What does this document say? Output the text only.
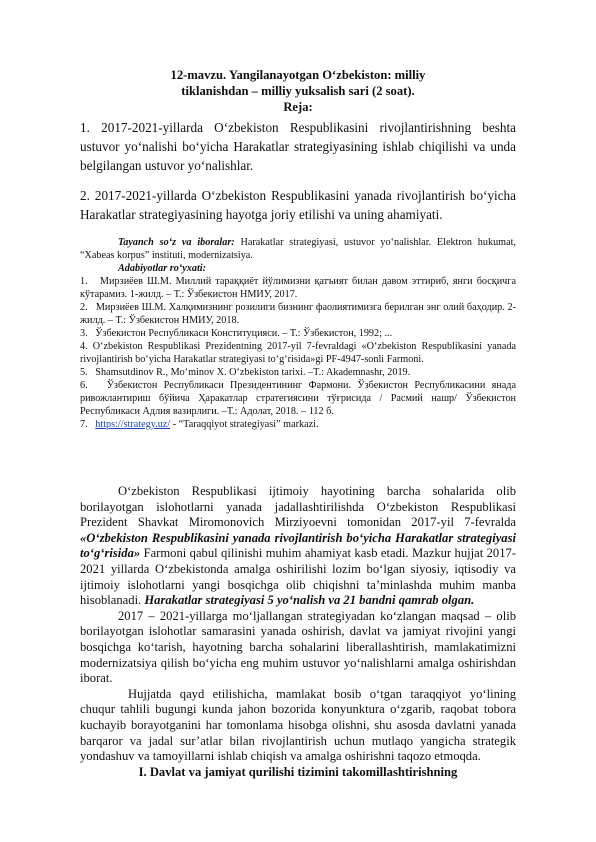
12-mavzu. Yangilanayotgan O‘zbekiston: milliy

tiklanishdan – milliy yuksalish sari (2 soat).

Reja:

1. 2017-2021-yillarda O‘zbekiston Respublikasini rivojlantirishning beshta ustuvor yo‘nalishi bo‘yicha Harakatlar strategiyasining ishlab chiqilishi va unda belgilangan ustuvor yo‘nalishlar.

2. 2017-2021-yillarda O‘zbekiston Respublikasini yanada rivojlantirish bo‘yicha Harakatlar strategiyasining hayotga joriy etilishi va uning ahamiyati.

Tayanch so‘z va iboralar: Harakatlar strategiyasi, ustuvor yo‘nalishlar. Elektron hukumat, “Xabeas korpus” instituti, modernizatsiya.

Adabiyotlar ro‘yxati:

1.   Мирзиёев Ш.М. Миллий тараққиёт йўлимизни қатъият билан давом эттириб, янги босқичга кўтарамиз. 1-жилд. – Т.: Ўзбекистон НМИУ, 2017.

2.   Мирзиёев Ш.М. Халқимизнинг розилиги бизнинг фаолиятимизга берилган энг олий баҳодир. 2-жилд. – Т.: Ўзбекистон НМИУ, 2018.

3.   Ўзбекистон Республикаси Конституцияси. – Т.: Ўзбекистон, 1992; ...

4. O‘zbekiston Respublikasi Prezidentning 2017-yil 7-fevraldagi «O‘zbekiston Respublikasini yanada rivojlantirish bo‘yicha Harakatlar strategiyasi to‘g‘risida»gi PF-4947-sonli Farmoni.

5.   Shamsutdinov R., Mo‘minov X. O‘zbekiston tarixi. –T.: Akademnashr, 2019.

6.   Ўзбекистон Республикаси Президентининг Фармони. Ўзбекистон Республикасини янада ривожлантириш бўйича Ҳаракатлар стратегиясини тўғрисида / Расмий нашр/ Ўзбекистон Республикаси Адлия вазирлиги. –Т.: Адолат, 2018. – 112 б.

7.   https://strategy.uz/ - “Taraqqiyot strategiyasi” markazi.

O‘zbekiston Respublikasi ijtimoiy hayotining barcha sohalarida olib borilayotgan islohotlarni yanada jadallashtirilishda O‘zbekiston Respublikasi Prezident Shavkat Miromonovich Mirziyoevni tomonidan 2017-yil 7-fevralda «O‘zbekiston Respublikasini yanada rivojlantirish bo‘yicha Harakatlar strategiyasi to‘g‘risida» Farmoni qabul qilinishi muhim ahamiyat kasb etadi. Mazkur hujjat 2017-2021 yillarda O‘zbekistonda amalga oshirilishi lozim bo‘lgan siyosiy, iqtisodiy va ijtimoiy islohotlarni yangi bosqichga olib chiqishni ta’minlashda muhim manba hisoblanadi. Harakatlar strategiyasi 5 yo‘nalish va 21 bandni qamrab olgan.

2017 – 2021-yillarga mo‘ljallangan strategiyadan ko‘zlangan maqsad – olib borilayotgan islohotlar samarasini yanada oshirish, davlat va jamiyat rivojini yangi bosqichga ko‘tarish, hayotning barcha sohalarini liberallashtirish, mamlakatimizni modernizatsiya qilish bo‘yicha eng muhim ustuvor yo‘nalishlarni amalga oshirishdan iborat.

Hujjatda qayd etilishicha, mamlakat bosib o‘tgan taraqqiyot yo‘lining chuqur tahlili bugungi kunda jahon bozorida konyunktura o‘zgarib, raqobat tobora kuchayib borayotganini har tomonlama hisobga olishni, shu asosda davlatni yanada barqaror va jadal sur’atlar bilan rivojlantirish uchun mutlaqo yangicha strategik yondashuv va tamoyillarni ishlab chiqish va amalga oshirishni taqozo etmoqda.

I. Davlat va jamiyat qurilishi tizimini takomillashtirishning
